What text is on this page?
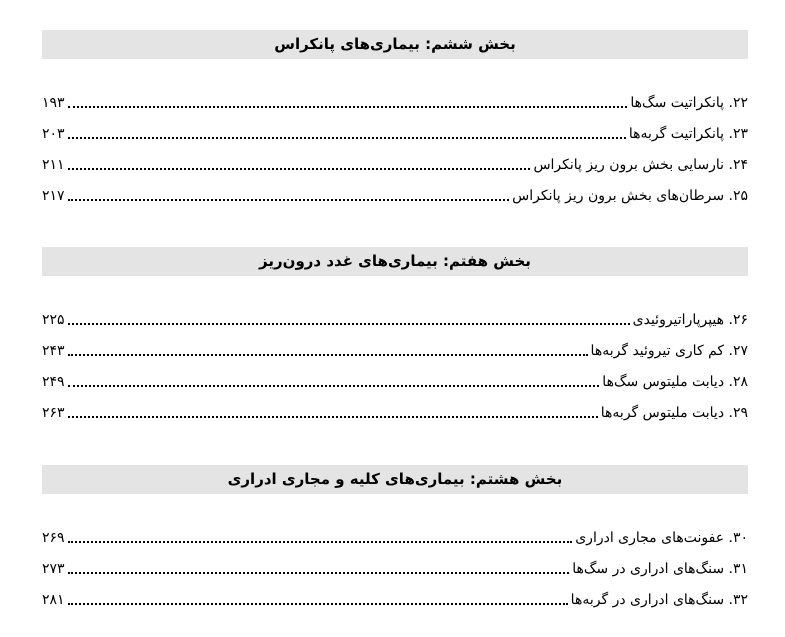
بخش ششم: بیماری‌های پانکراس
۲۲. پانکراتیت سگ‌ها
۱۹۳
۲۳. پانکراتیت گربه‌ها
۲۰۳
۲۴. نارسایی بخش برون ریز پانکراس
۲۱۱
۲۵. سرطان‌های بخش برون ریز پانکراس
۲۱۷
بخش هفتم: بیماری‌های غدد درون‌ریز
۲۶. هیپرپاراتیروئیدی
۲۲۵
۲۷. کم کاری تیروئید گربه‌ها
۲۴۳
۲۸. دیابت ملیتوس سگ‌ها
۲۴۹
۲۹. دیابت ملیتوس گربه‌ها
۲۶۳
بخش هشتم: بیماری‌های کلیه و مجاری ادراری
۳۰. عفونت‌های مجاری ادراری
۲۶۹
۳۱. سنگ‌های ادراری در سگ‌ها
۲۷۳
۳۲. سنگ‌های ادراری در گربه‌ها
۲۸۱
